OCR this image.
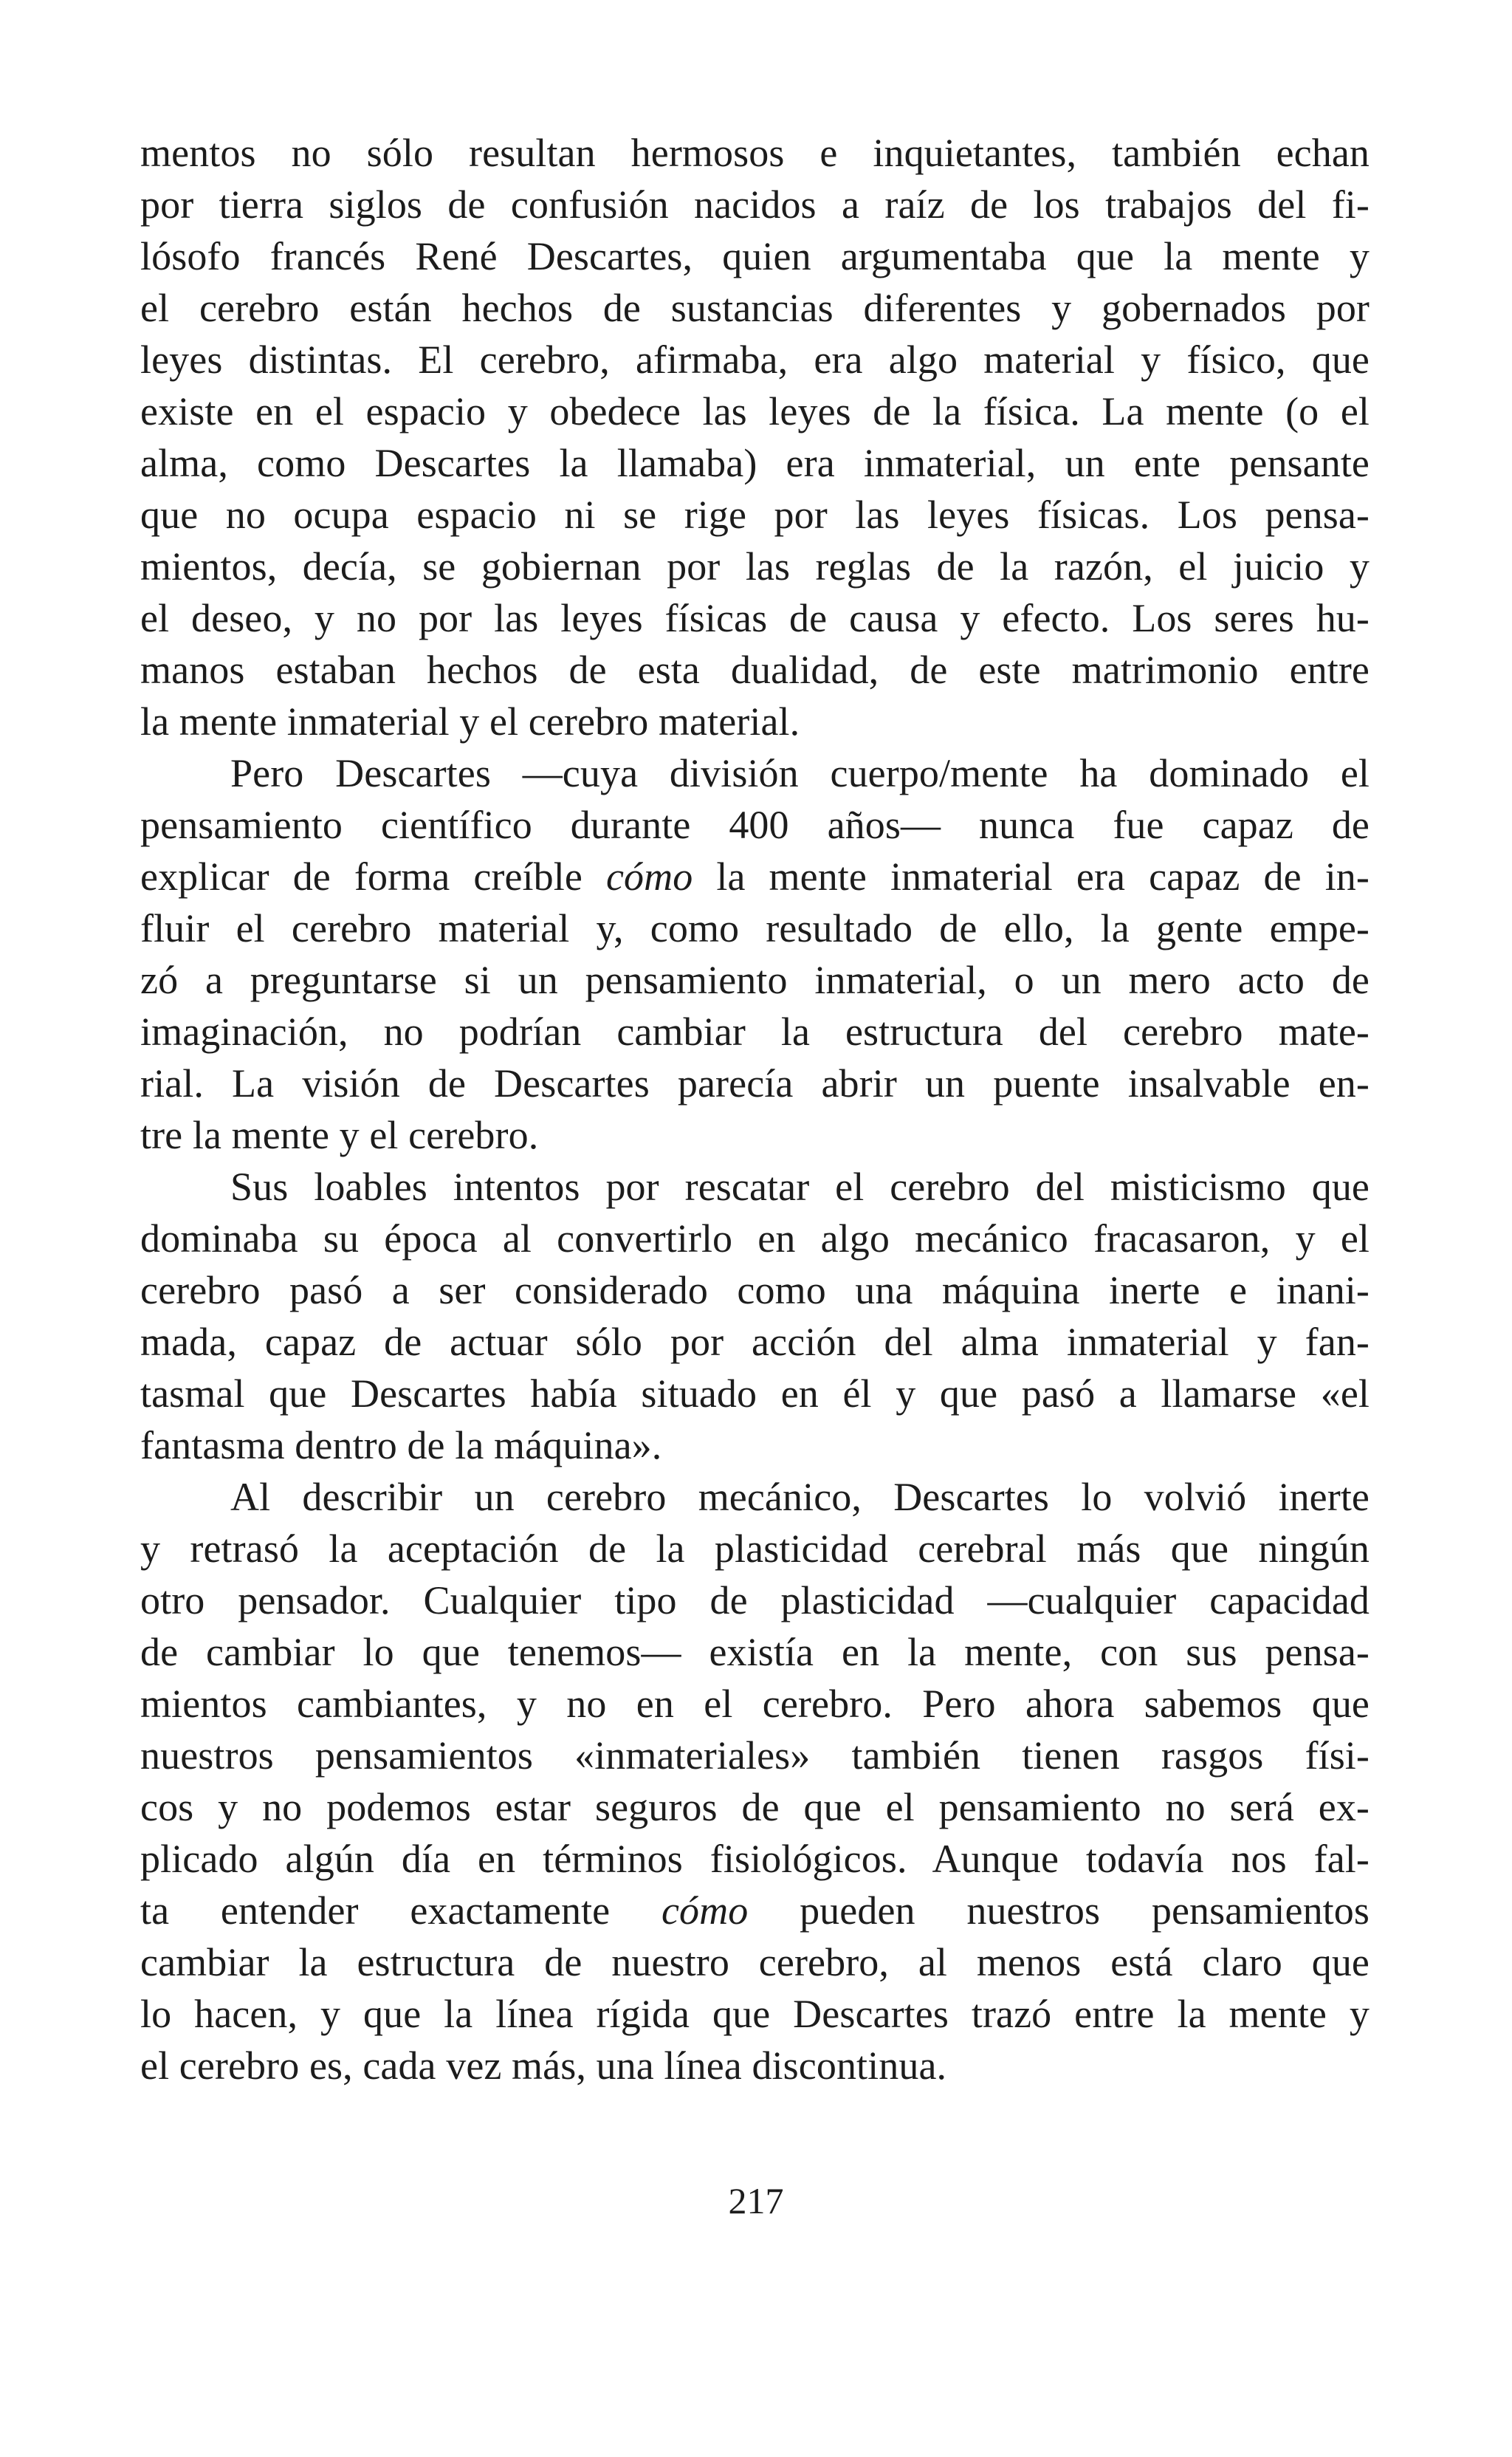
mentos no sólo resultan hermosos e inquietantes, también echan
por tierra siglos de confusión nacidos a raíz de los trabajos del fi-
lósofo francés René Descartes, quien argumentaba que la mente y
el cerebro están hechos de sustancias diferentes y gobernados por
leyes distintas. El cerebro, afirmaba, era algo material y físico, que
existe en el espacio y obedece las leyes de la física. La mente (o el
alma, como Descartes la llamaba) era inmaterial, un ente pensante
que no ocupa espacio ni se rige por las leyes físicas. Los pensa-
mientos, decía, se gobiernan por las reglas de la razón, el juicio y
el deseo, y no por las leyes físicas de causa y efecto. Los seres hu-
manos estaban hechos de esta dualidad, de este matrimonio entre
la mente inmaterial y el cerebro material.
Pero Descartes —cuya división cuerpo/mente ha dominado el
pensamiento científico durante 400 años— nunca fue capaz de
explicar de forma creíble cómo la mente inmaterial era capaz de in-
fluir el cerebro material y, como resultado de ello, la gente empe-
zó a preguntarse si un pensamiento inmaterial, o un mero acto de
imaginación, no podrían cambiar la estructura del cerebro mate-
rial. La visión de Descartes parecía abrir un puente insalvable en-
tre la mente y el cerebro.
Sus loables intentos por rescatar el cerebro del misticismo que
dominaba su época al convertirlo en algo mecánico fracasaron, y el
cerebro pasó a ser considerado como una máquina inerte e inani-
mada, capaz de actuar sólo por acción del alma inmaterial y fan-
tasmal que Descartes había situado en él y que pasó a llamarse «el
fantasma dentro de la máquina».
Al describir un cerebro mecánico, Descartes lo volvió inerte
y retrasó la aceptación de la plasticidad cerebral más que ningún
otro pensador. Cualquier tipo de plasticidad —cualquier capacidad
de cambiar lo que tenemos— existía en la mente, con sus pensa-
mientos cambiantes, y no en el cerebro. Pero ahora sabemos que
nuestros pensamientos «inmateriales» también tienen rasgos físi-
cos y no podemos estar seguros de que el pensamiento no será ex-
plicado algún día en términos fisiológicos. Aunque todavía nos fal-
ta entender exactamente cómo pueden nuestros pensamientos
cambiar la estructura de nuestro cerebro, al menos está claro que
lo hacen, y que la línea rígida que Descartes trazó entre la mente y
el cerebro es, cada vez más, una línea discontinua.
217
